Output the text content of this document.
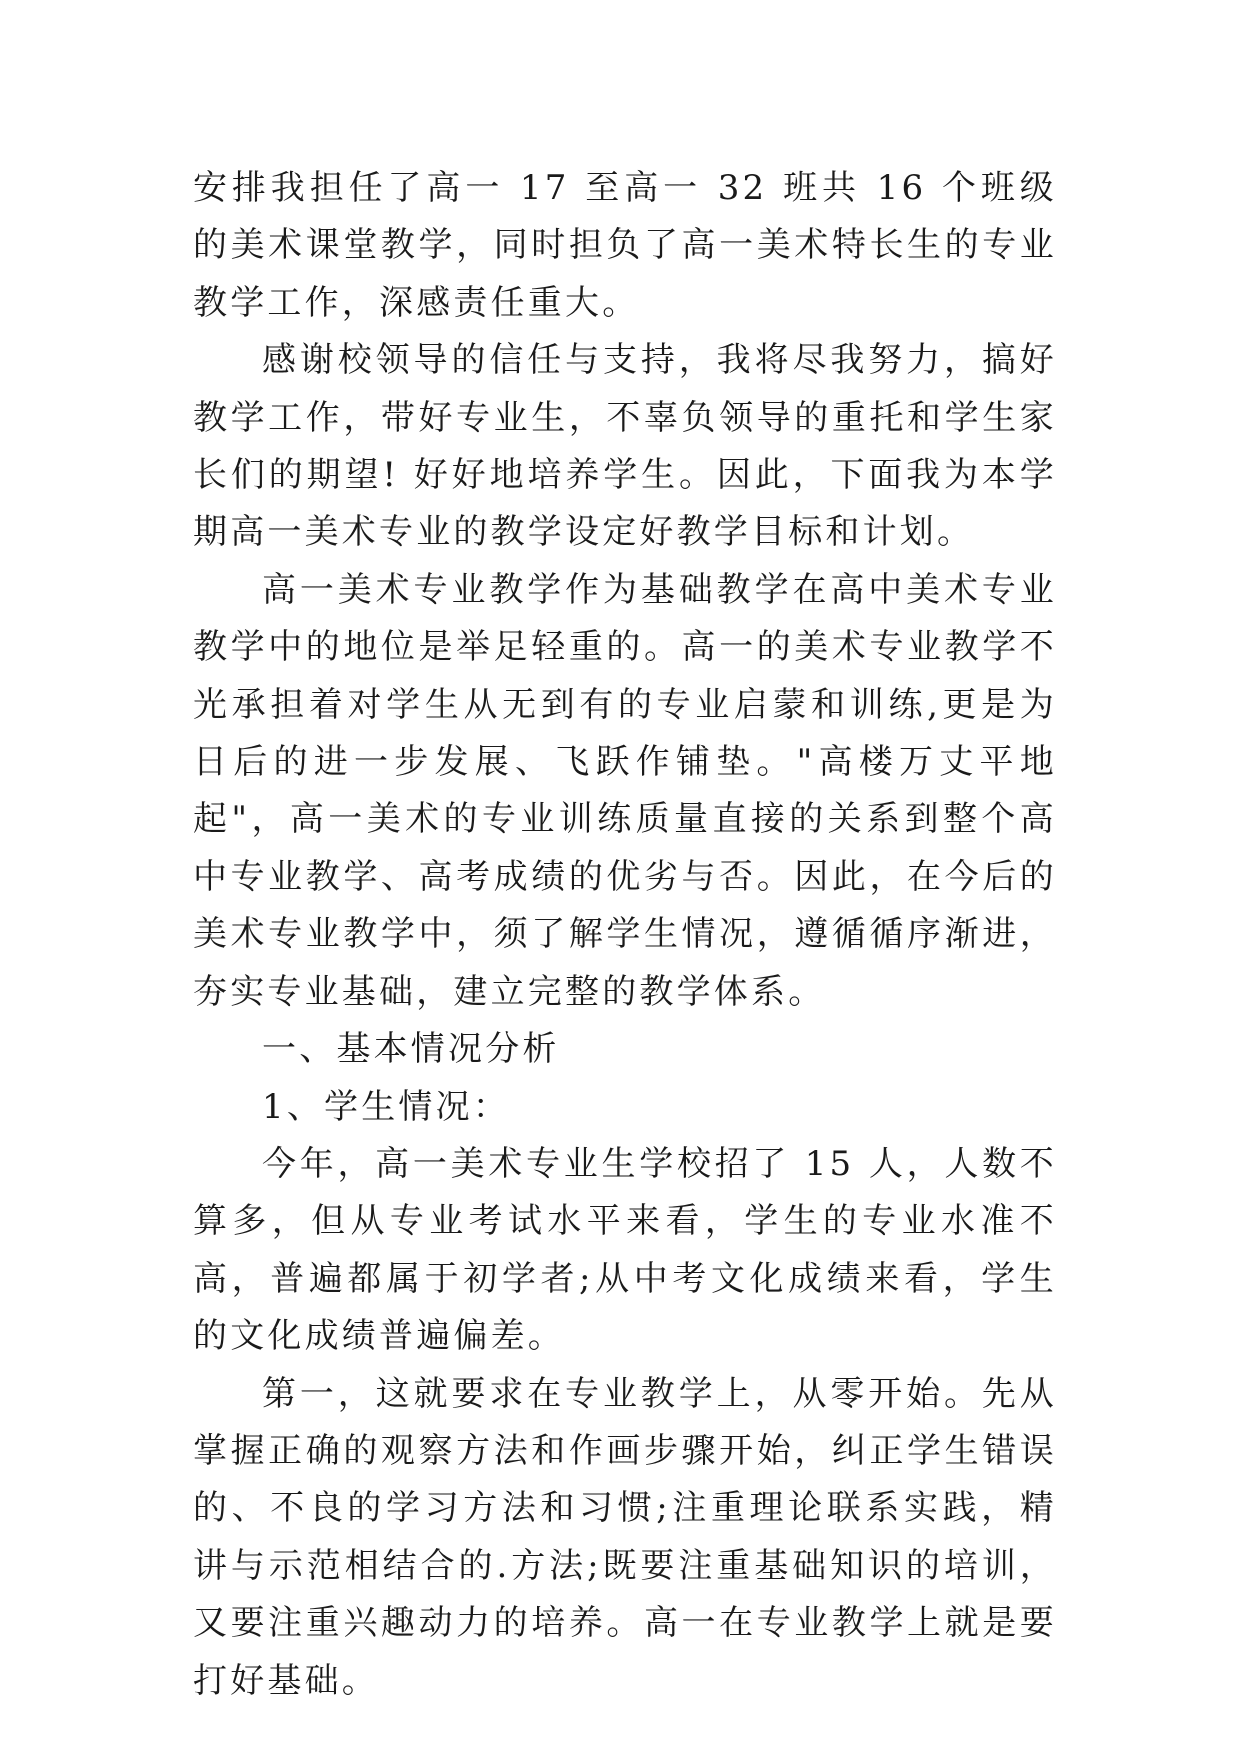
安排我担任了高一 17 至高一 32 班共 16 个班级的美术课堂教学，同时担负了高一美术特长生的专业教学工作，深感责任重大。

感谢校领导的信任与支持，我将尽我努力，搞好教学工作，带好专业生，不辜负领导的重托和学生家长们的期望! 好好地培养学生。因此，下面我为本学期高一美术专业的教学设定好教学目标和计划。

高一美术专业教学作为基础教学在高中美术专业教学中的地位是举足轻重的。高一的美术专业教学不光承担着对学生从无到有的专业启蒙和训练,更是为日后的进一步发展、飞跃作铺垫。"高楼万丈平地起"，高一美术的专业训练质量直接的关系到整个高中专业教学、高考成绩的优劣与否。因此，在今后的美术专业教学中，须了解学生情况，遵循循序渐进，夯实专业基础，建立完整的教学体系。

一、基本情况分析

1、学生情况：

今年，高一美术专业生学校招了 15 人，人数不算多，但从专业考试水平来看，学生的专业水准不高，普遍都属于初学者;从中考文化成绩来看，学生的文化成绩普遍偏差。

第一，这就要求在专业教学上，从零开始。先从掌握正确的观察方法和作画步骤开始，纠正学生错误的、不良的学习方法和习惯;注重理论联系实践，精讲与示范相结合的.方法;既要注重基础知识的培训，又要注重兴趣动力的培养。高一在专业教学上就是要打好基础。
